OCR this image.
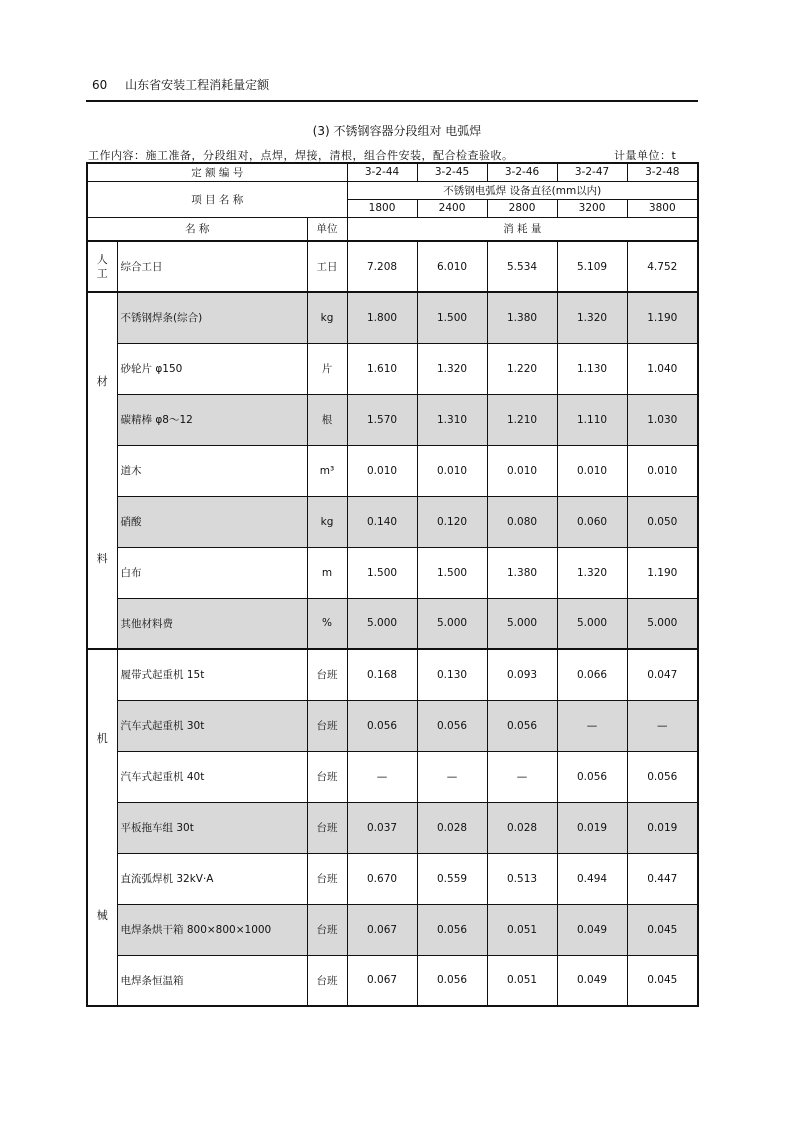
60 山东省安装工程消耗量定额
(3) 不锈钢容器分段组对 电弧焊
工作内容：施工准备，分段组对，点焊，焊接，清根，组合件安装，配合检查验收。	计量单位：t
定 额 编 号			3-2-44	3-2-45	3-2-46	3-2-47	3-2-48
项 目 名 称			不锈钢电弧焊 设备直径(mm以内)				
			1800	2400	2800	3200	3800
名 称		单位	消 耗 量				

人
工	综合工日	工日	7.208	6.010	5.534	5.109	4.752

材
料	不锈钢焊条(综合)	kg	1.800	1.500	1.380	1.320	1.190
	砂轮片 φ150	片	1.610	1.320	1.220	1.130	1.040
	碳精棒 φ8～12	根	1.570	1.310	1.210	1.110	1.030
	道木	m³	0.010	0.010	0.010	0.010	0.010
	硝酸	kg	0.140	0.120	0.080	0.060	0.050
	白布	m	1.500	1.500	1.380	1.320	1.190
	其他材料费	%	5.000	5.000	5.000	5.000	5.000

机
械	履带式起重机 15t	台班	0.168	0.130	0.093	0.066	0.047
	汽车式起重机 30t	台班	0.056	0.056	0.056	—	—
	汽车式起重机 40t	台班	—	—	—	0.056	0.056
	平板拖车组 30t	台班	0.037	0.028	0.028	0.019	0.019
	直流弧焊机 32kV·A	台班	0.670	0.559	0.513	0.494	0.447
	电焊条烘干箱 800×800×1000	台班	0.067	0.056	0.051	0.049	0.045
	电焊条恒温箱	台班	0.067	0.056	0.051	0.049	0.045
